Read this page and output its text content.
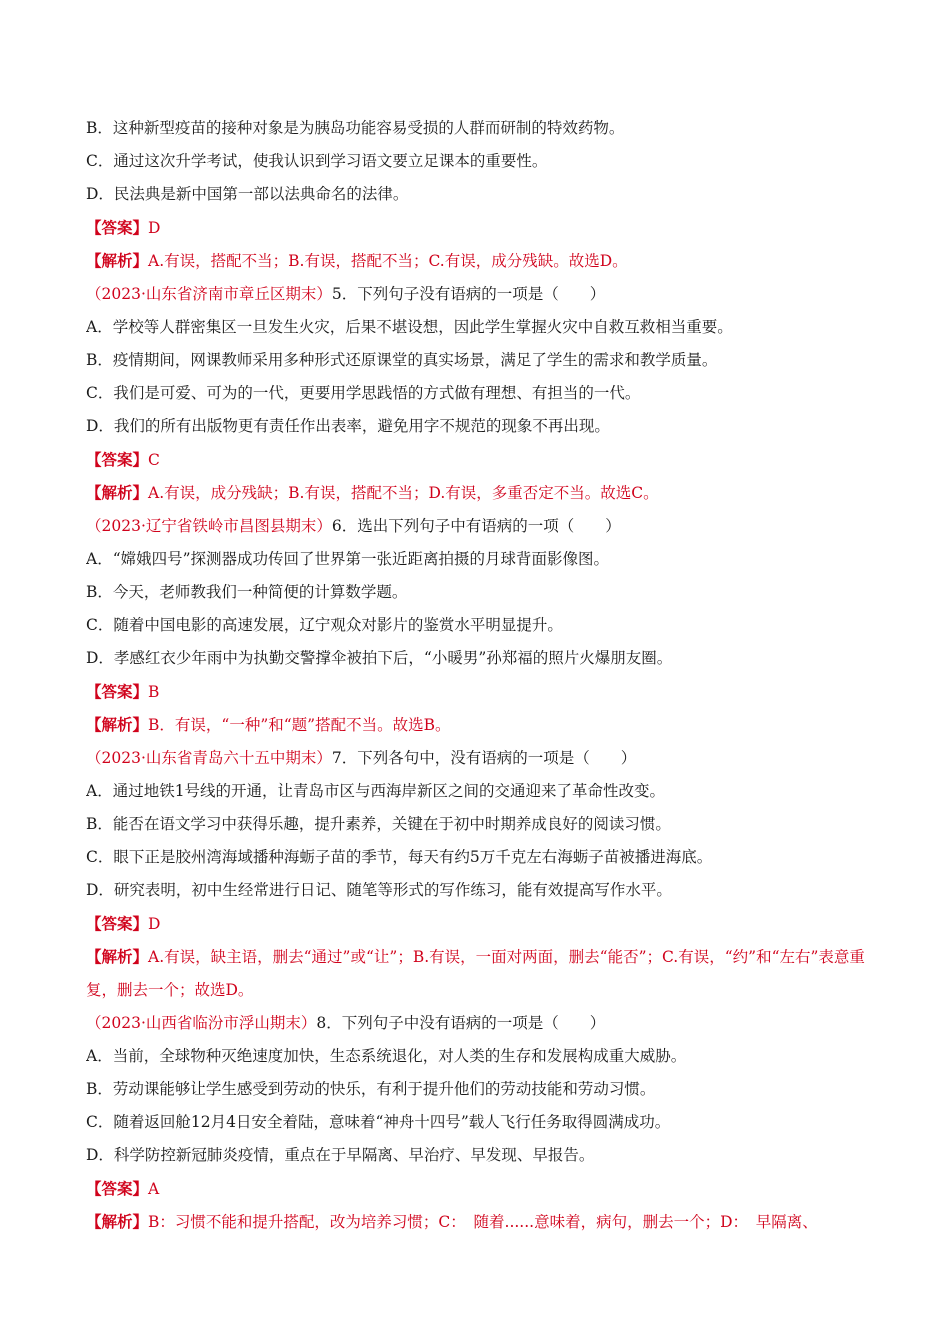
B．这种新型疫苗的接种对象是为胰岛功能容易受损的人群而研制的特效药物。
C．通过这次升学考试，使我认识到学习语文要立足课本的重要性。
D．民法典是新中国第一部以法典命名的法律。
【答案】D
【解析】A.有误，搭配不当；B.有误，搭配不当；C.有误，成分残缺。故选D。
（2023·山东省济南市章丘区期末）5．下列句子没有语病的一项是（　　）
A．学校等人群密集区一旦发生火灾，后果不堪设想，因此学生掌握火灾中自救互救相当重要。
B．疫情期间，网课教师采用多种形式还原课堂的真实场景，满足了学生的需求和教学质量。
C．我们是可爱、可为的一代，更要用学思践悟的方式做有理想、有担当的一代。
D．我们的所有出版物更有责任作出表率，避免用字不规范的现象不再出现。
【答案】C
【解析】A.有误，成分残缺；B.有误，搭配不当；D.有误，多重否定不当。故选C。
（2023·辽宁省铁岭市昌图县期末）6．选出下列句子中有语病的一项（　　）
A．“嫦娥四号”探测器成功传回了世界第一张近距离拍摄的月球背面影像图。
B．今天，老师教我们一种简便的计算数学题。
C．随着中国电影的高速发展，辽宁观众对影片的鉴赏水平明显提升。
D．孝感红衣少年雨中为执勤交警撑伞被拍下后，“小暖男”孙郑福的照片火爆朋友圈。
【答案】B
【解析】B．有误，“一种”和“题”搭配不当。故选B。
（2023·山东省青岛六十五中期末）7．下列各句中，没有语病的一项是（　　）
A．通过地铁1号线的开通，让青岛市区与西海岸新区之间的交通迎来了革命性改变。
B．能否在语文学习中获得乐趣，提升素养，关键在于初中时期养成良好的阅读习惯。
C．眼下正是胶州湾海域播种海蛎子苗的季节，每天有约5万千克左右海蛎子苗被播进海底。
D．研究表明，初中生经常进行日记、随笔等形式的写作练习，能有效提高写作水平。
【答案】D
【解析】A.有误，缺主语，删去“通过”或“让”；B.有误，一面对两面，删去“能否”；C.有误，“约”和“左右”表意重复，删去一个；故选D。
（2023·山西省临汾市浮山期末）8．下列句子中没有语病的一项是（　　）
A．当前，全球物种灭绝速度加快，生态系统退化，对人类的生存和发展构成重大威胁。
B．劳动课能够让学生感受到劳动的快乐，有利于提升他们的劳动技能和劳动习惯。
C．随着返回舱12月4日安全着陆，意味着“神舟十四号”载人飞行任务取得圆满成功。
D．科学防控新冠肺炎疫情，重点在于早隔离、早治疗、早发现、早报告。
【答案】A
【解析】B：习惯不能和提升搭配，改为培养习惯；C：　随着......意味着，病句，删去一个；D：　早隔离、
